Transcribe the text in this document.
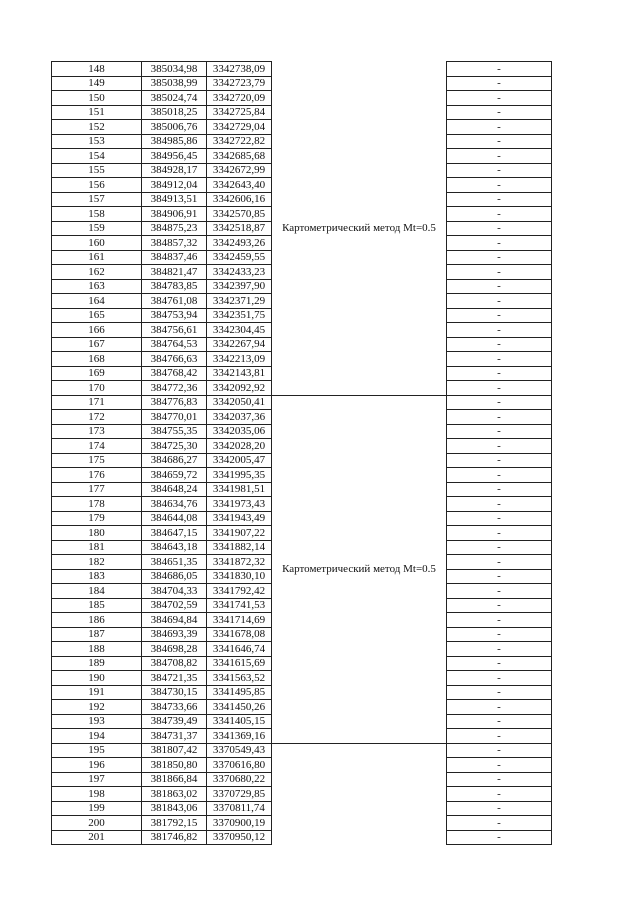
148	385034,98	3342738,09	Картометрический метод Mt=0.5	-
149	385038,99	3342723,79		-
150	385024,74	3342720,09		-
151	385018,25	3342725,84		-
152	385006,76	3342729,04		-
153	384985,86	3342722,82		-
154	384956,45	3342685,68		-
155	384928,17	3342672,99		-
156	384912,04	3342643,40		-
157	384913,51	3342606,16		-
158	384906,91	3342570,85		-
159	384875,23	3342518,87		-
160	384857,32	3342493,26		-
161	384837,46	3342459,55		-
162	384821,47	3342433,23		-
163	384783,85	3342397,90		-
164	384761,08	3342371,29		-
165	384753,94	3342351,75		-
166	384756,61	3342304,45		-
167	384764,53	3342267,94		-
168	384766,63	3342213,09		-
169	384768,42	3342143,81		-
170	384772,36	3342092,92		-
171	384776,83	3342050,41	Картометрический метод Mt=0.5	-
172	384770,01	3342037,36		-
173	384755,35	3342035,06		-
174	384725,30	3342028,20		-
175	384686,27	3342005,47		-
176	384659,72	3341995,35		-
177	384648,24	3341981,51		-
178	384634,76	3341973,43		-
179	384644,08	3341943,49		-
180	384647,15	3341907,22		-
181	384643,18	3341882,14		-
182	384651,35	3341872,32		-
183	384686,05	3341830,10		-
184	384704,33	3341792,42		-
185	384702,59	3341741,53		-
186	384694,84	3341714,69		-
187	384693,39	3341678,08		-
188	384698,28	3341646,74		-
189	384708,82	3341615,69		-
190	384721,35	3341563,52		-
191	384730,15	3341495,85		-
192	384733,66	3341450,26		-
193	384739,49	3341405,15		-
194	384731,37	3341369,16		-
195	381807,42	3370549,43		-
196	381850,80	3370616,80		-
197	381866,84	3370680,22		-
198	381863,02	3370729,85		-
199	381843,06	3370811,74		-
200	381792,15	3370900,19		-
201	381746,82	3370950,12		-
